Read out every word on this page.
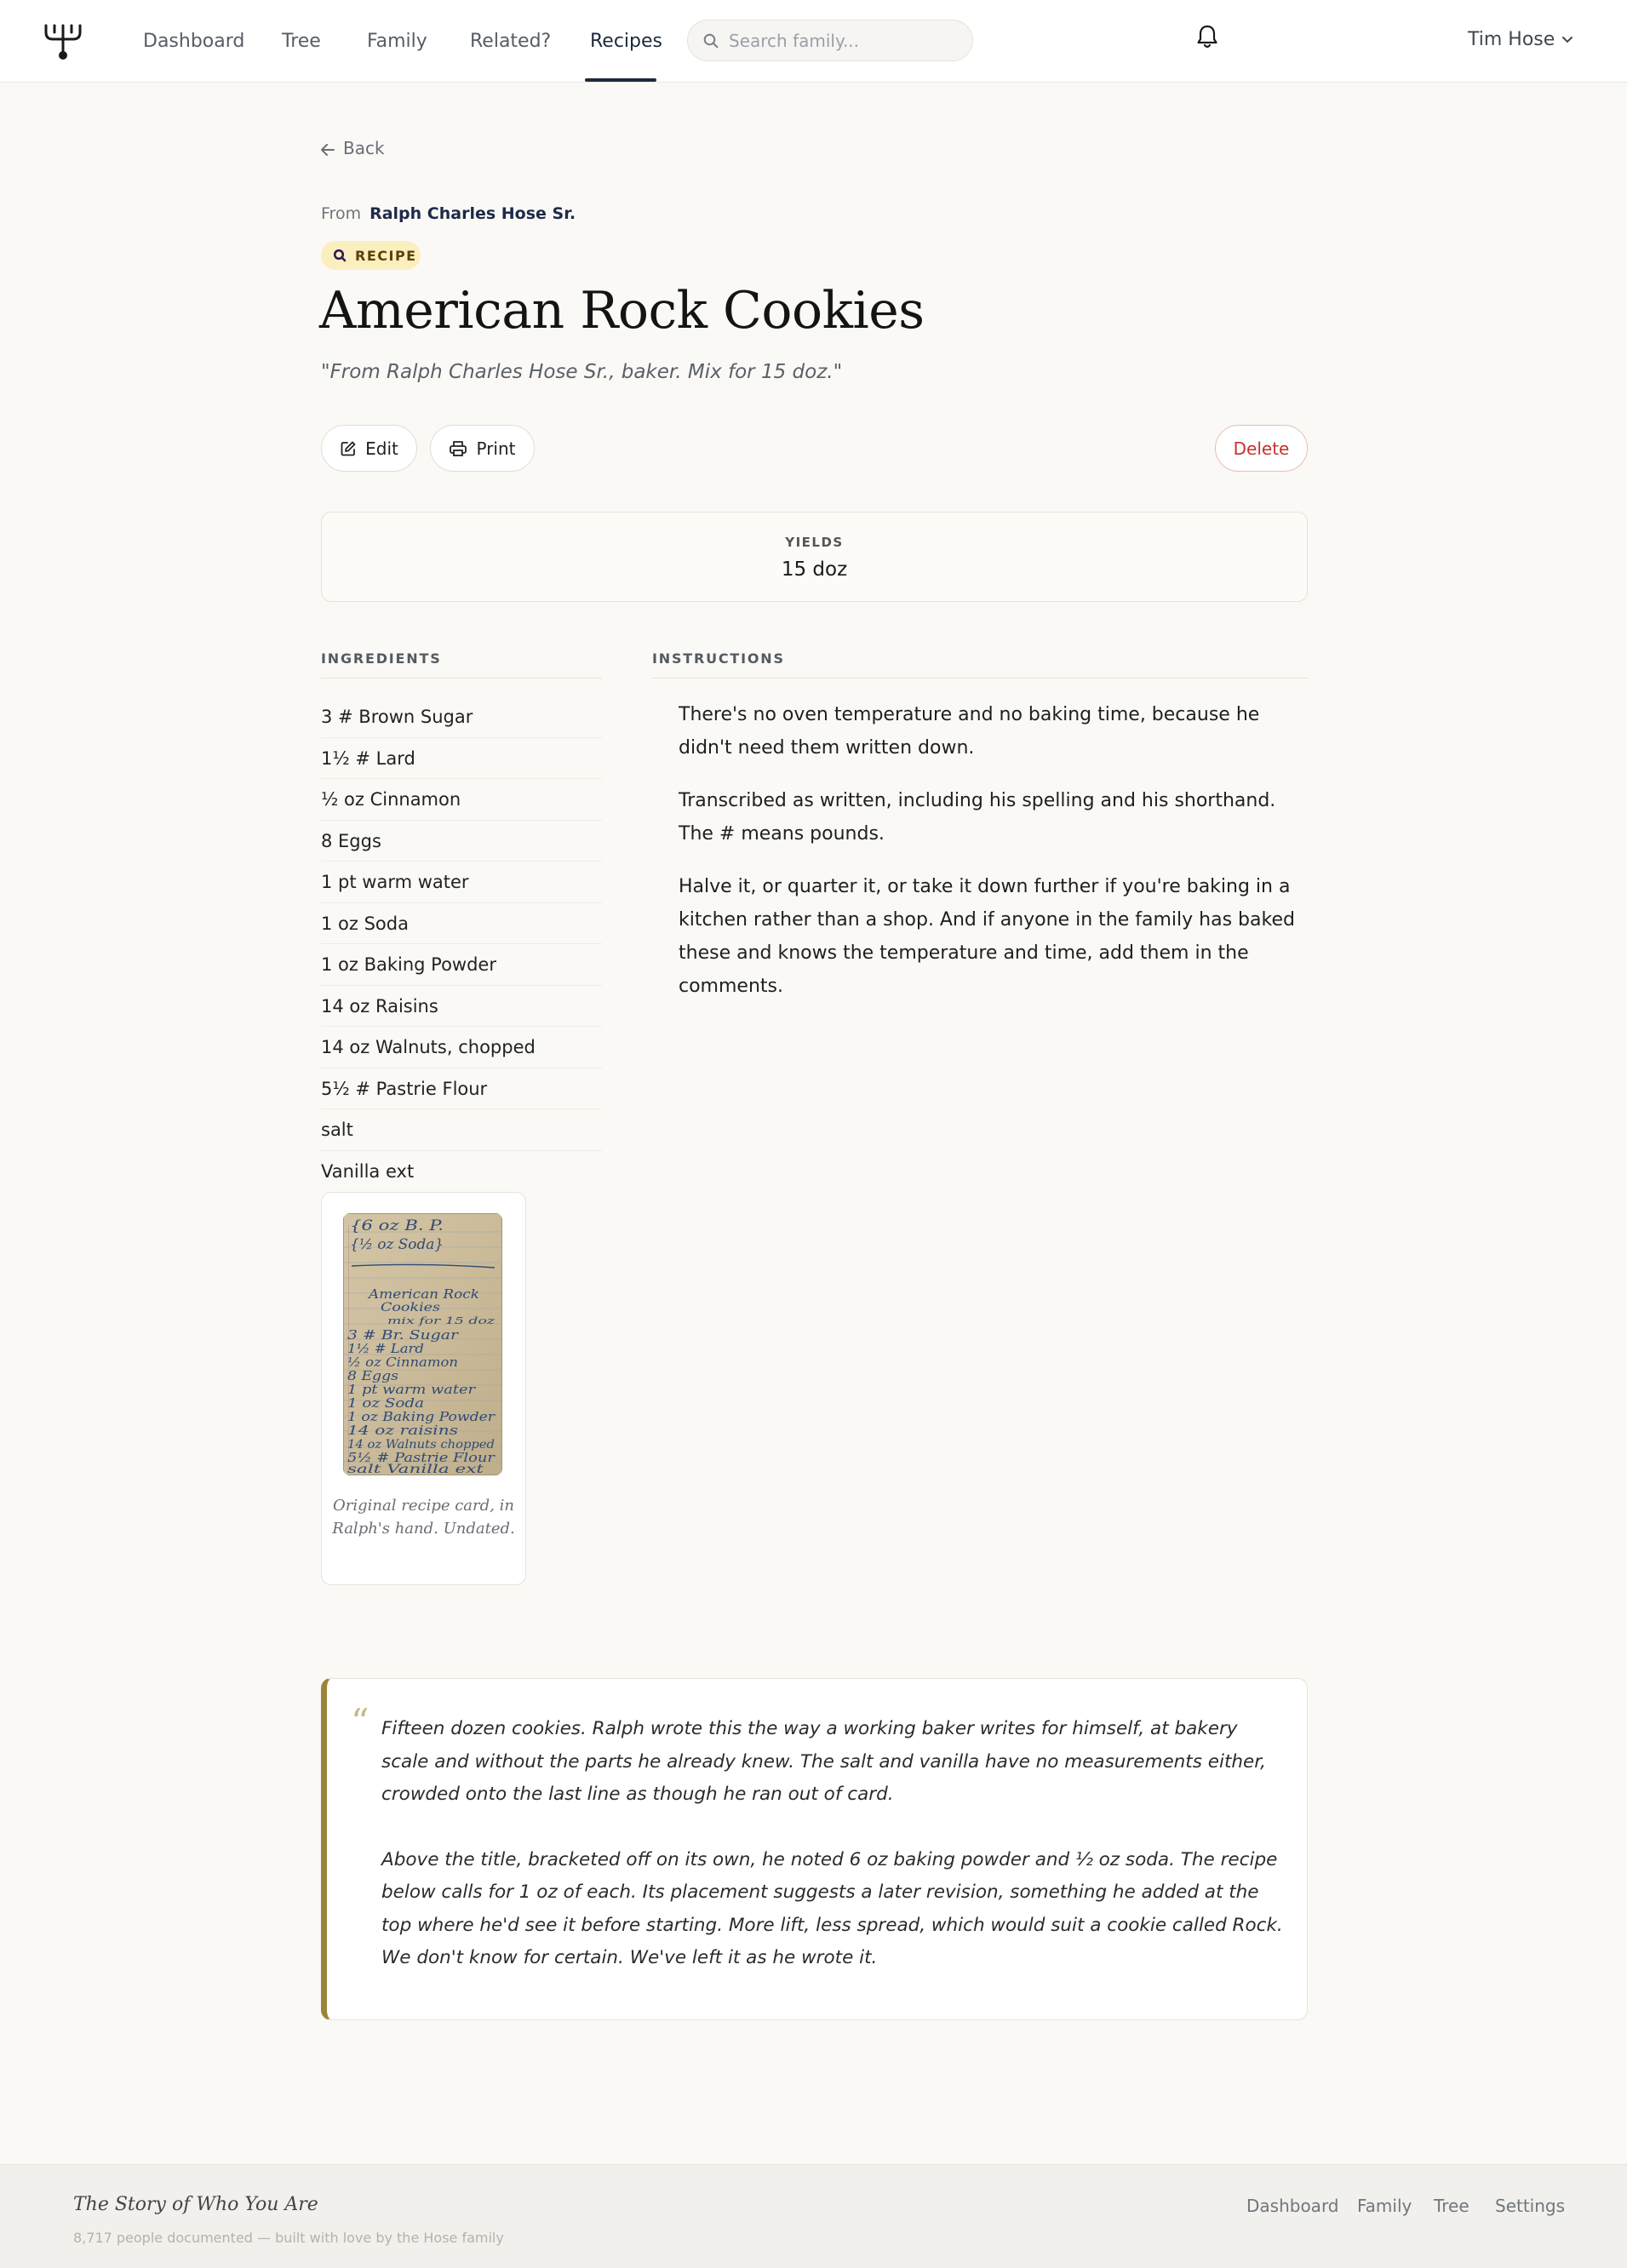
Dashboard Tree Family Related? Recipes
Search family...	Tim Hose
Back
From Ralph Charles Hose Sr.
RECIPE
American Rock Cookies
"From Ralph Charles Hose Sr., baker. Mix for 15 doz."
Edit	Print	Delete
YIELDS
15 doz
INGREDIENTS
3 # Brown Sugar
1½ # Lard
½ oz Cinnamon
8 Eggs
1 pt warm water
1 oz Soda
1 oz Baking Powder
14 oz Raisins
14 oz Walnuts, chopped
5½ # Pastrie Flour
salt
Vanilla ext
{6 oz B. P.
{½ oz Soda}
American Rock
Cookies
mix for 15 doz
3 # Br. Sugar
1½ # Lard
½ oz Cinnamon
8 Eggs
1 pt warm water
1 oz Soda
1 oz Baking Powder
14 oz raisins
14 oz Walnuts chopped
5½ # Pastrie Flour
salt Vanilla ext
Original recipe card, in Ralph's hand. Undated.
INSTRUCTIONS

There's no oven temperature and no baking time, because he didn't need them written down.

Transcribed as written, including his spelling and his shorthand. The # means pounds.

Halve it, or quarter it, or take it down further if you're baking in a kitchen rather than a shop. And if anyone in the family has baked these and knows the temperature and time, add them in the comments.

“ Fifteen dozen cookies. Ralph wrote this the way a working baker writes for himself, at bakery scale and without the parts he already knew. The salt and vanilla have no measurements either, crowded onto the last line as though he ran out of card.

Above the title, bracketed off on its own, he noted 6 oz baking powder and ½ oz soda. The recipe below calls for 1 oz of each. Its placement suggests a later revision, something he added at the top where he'd see it before starting. More lift, less spread, which would suit a cookie called Rock. We don't know for certain. We've left it as he wrote it.

The Story of Who You Are
8,717 people documented — built with love by the Hose family
Dashboard Family Tree Settings
